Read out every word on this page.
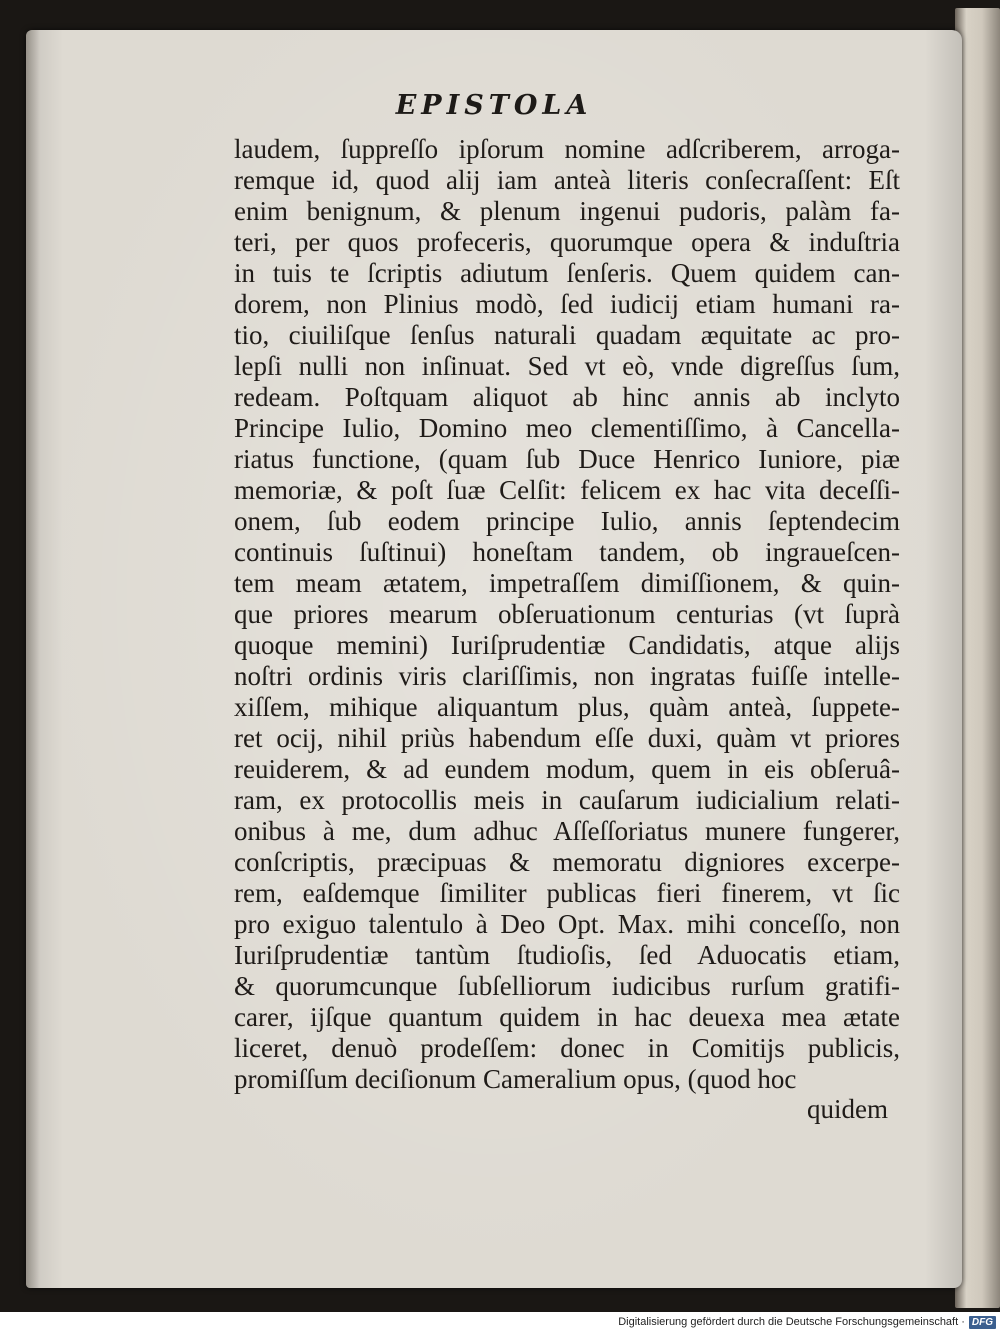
EPISTOLA
laudem, ſuppreſſo ipſorum nomine adſcriberem, arroga-
remque id, quod alij iam anteà literis conſecraſſent: Eſt
enim benignum, & plenum ingenui pudoris, palàm fa-
teri, per quos profeceris, quorumque opera & induſtria
in tuis te ſcriptis adiutum ſenſeris. Quem quidem can-
dorem, non Plinius modò, ſed iudicij etiam humani ra-
tio, ciuiliſque ſenſus naturali quadam æquitate ac pro-
lepſi nulli non inſinuat. Sed vt eò, vnde digreſſus ſum,
redeam. Poſtquam aliquot ab hinc annis ab inclyto
Principe Iulio, Domino meo clementiſſimo, à Cancella-
riatus functione, (quam ſub Duce Henrico Iuniore, piæ
memoriæ, & poſt ſuæ Celſit: felicem ex hac vita deceſſi-
onem, ſub eodem principe Iulio, annis ſeptendecim
continuis ſuſtinui) honeſtam tandem, ob ingraueſcen-
tem meam ætatem, impetraſſem dimiſſionem, & quin-
que priores mearum obſeruationum centurias (vt ſuprà
quoque memini) Iuriſprudentiæ Candidatis, atque alijs
noſtri ordinis viris clariſſimis, non ingratas fuiſſe intelle-
xiſſem, mihique aliquantum plus, quàm anteà, ſuppete-
ret ocij, nihil priùs habendum eſſe duxi, quàm vt priores
reuiderem, & ad eundem modum, quem in eis obſeruâ-
ram, ex protocollis meis in cauſarum iudicialium relati-
onibus à me, dum adhuc Aſſeſſoriatus munere fungerer,
conſcriptis, præcipuas & memoratu digniores excerpe-
rem, eaſdemque ſimiliter publicas fieri finerem, vt ſic
pro exiguo talentulo à Deo Opt. Max. mihi conceſſo, non
Iuriſprudentiæ tantùm ſtudioſis, ſed Aduocatis etiam,
& quorumcunque ſubſelliorum iudicibus rurſum gratifi-
carer, ijſque quantum quidem in hac deuexa mea ætate
liceret, denuò prodeſſem: donec in Comitijs publicis,
promiſſum deciſionum Cameralium opus, (quod hoc

quidem

Digitalisierung gefördert durch die Deutsche Forschungsgemeinschaft · DFG
